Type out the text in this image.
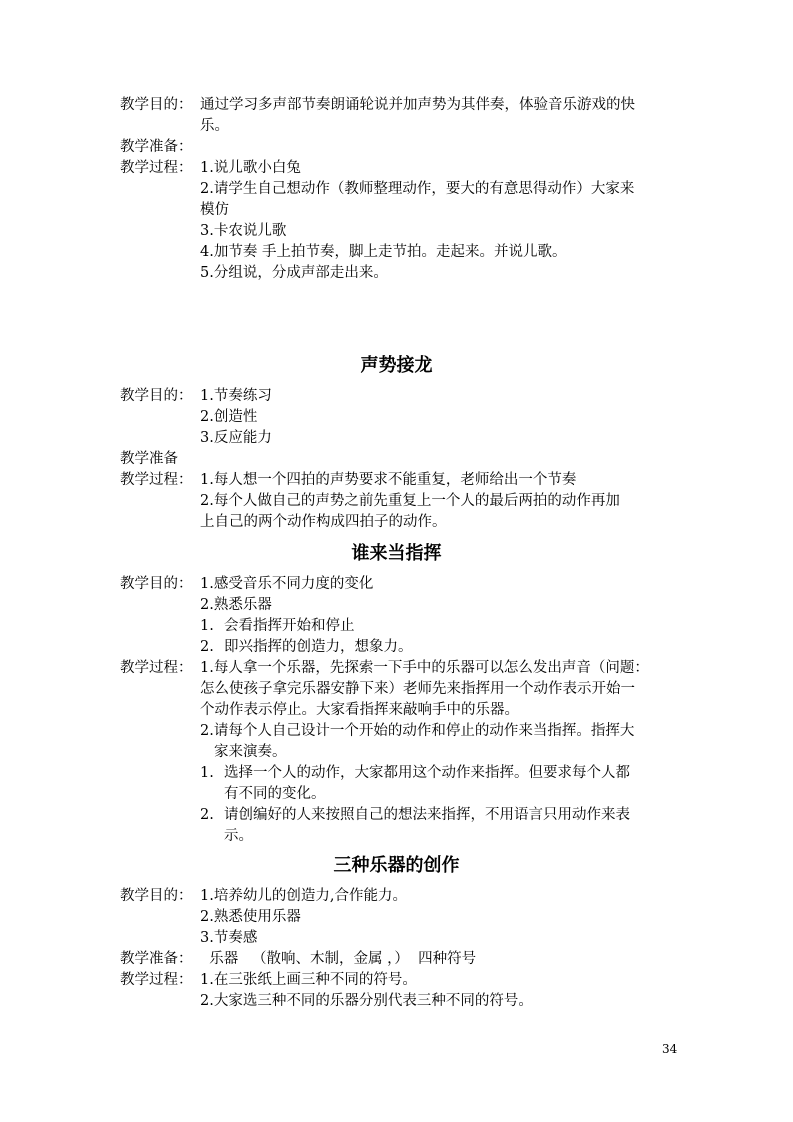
教学目的： 通过学习多声部节奏朗诵轮说并加声势为其伴奏，体验音乐游戏的快
乐。
教学准备：
教学过程： 1.说儿歌小白兔
2.请学生自己想动作（教师整理动作，要大的有意思得动作）大家来
模仿
3.卡农说儿歌
4.加节奏 手上拍节奏，脚上走节拍。走起来。并说儿歌。
5.分组说，分成声部走出来。
声势接龙
教学目的： 1.节奏练习
2.创造性
3.反应能力
教学准备
教学过程： 1.每人想一个四拍的声势要求不能重复，老师给出一个节奏
2.每个人做自己的声势之前先重复上一个人的最后两拍的动作再加
上自己的两个动作构成四拍子的动作。
谁来当指挥
教学目的： 1.感受音乐不同力度的变化
2.熟悉乐器
1. 会看指挥开始和停止
2. 即兴指挥的创造力，想象力。
教学过程： 1.每人拿一个乐器，先探索一下手中的乐器可以怎么发出声音（问题：
怎么使孩子拿完乐器安静下来）老师先来指挥用一个动作表示开始一
个动作表示停止。大家看指挥来敲响手中的乐器。
2.请每个人自己设计一个开始的动作和停止的动作来当指挥。指挥大
家来演奏。
1. 选择一个人的动作，大家都用这个动作来指挥。但要求每个人都
有不同的变化。
2. 请创编好的人来按照自己的想法来指挥，不用语言只用动作来表
示。
三种乐器的创作
教学目的： 1.培养幼儿的创造力,合作能力。
2.熟悉使用乐器
3.节奏感
教学准备： 乐器   （散响、木制，金属 ，）  四种符号
教学过程： 1.在三张纸上画三种不同的符号。
2.大家选三种不同的乐器分别代表三种不同的符号。
34
